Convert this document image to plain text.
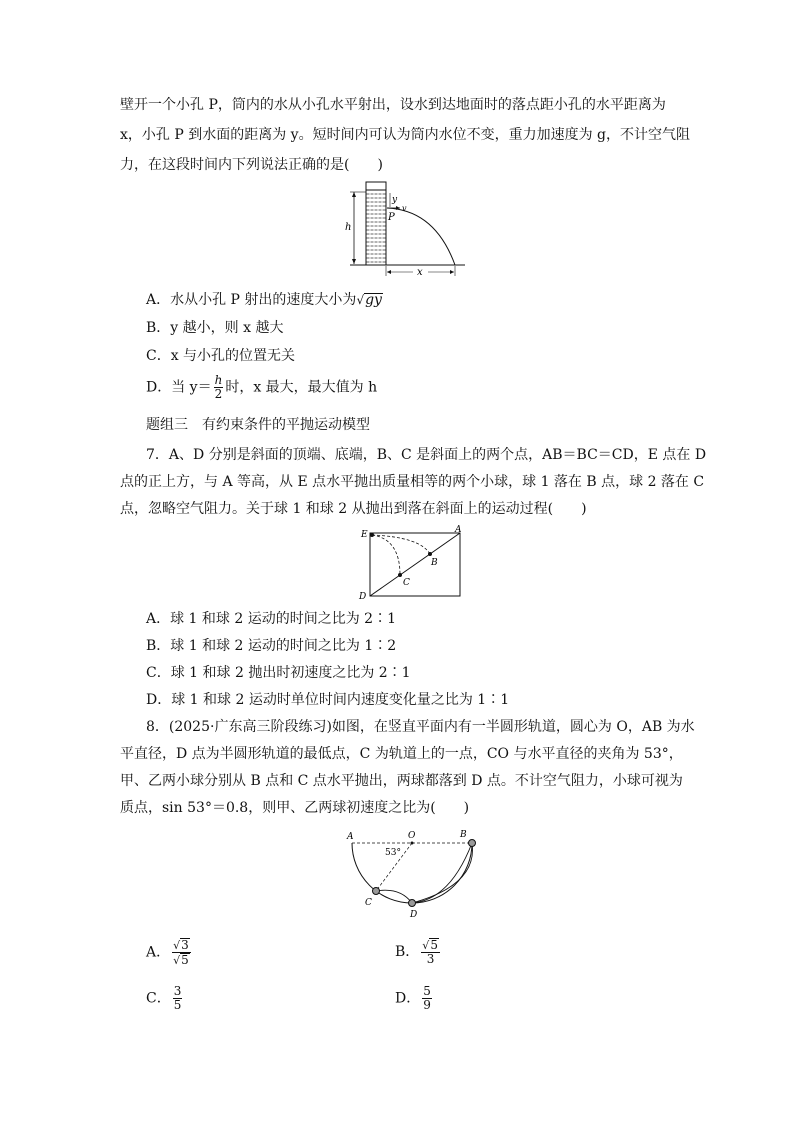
壁开一个小孔 P，筒内的水从小孔水平射出，设水到达地面时的落点距小孔的水平距离为
x，小孔 P 到水面的距离为 y。短时间内可认为筒内水位不变，重力加速度为 g，不计空气阻
力，在这段时间内下列说法正确的是(　　)
h
y
v
P
x
A．水从小孔 P 射出的速度大小为√gy
B．y 越小，则 x 越大
C．x 与小孔的位置无关
D．当 $y= \frac{h}{2}$ 时，x 最大，最大值为 h
题组三　有约束条件的平抛运动模型
7．A、D 分别是斜面的顶端、底端，B、C 是斜面上的两个点，AB＝BC＝CD，E 点在 D
点的正上方，与 A 等高，从 E 点水平抛出质量相等的两个小球，球 1 落在 B 点，球 2 落在 C
点，忽略空气阻力。关于球 1 和球 2 从抛出到落在斜面上的运动过程(　　)
E	A
B
C
D
A．球 1 和球 2 运动的时间之比为 2∶1
B．球 1 和球 2 运动的时间之比为 1∶2
C．球 1 和球 2 抛出时初速度之比为 2∶1
D．球 1 和球 2 运动时单位时间内速度变化量之比为 1∶1
8．(2025·广东高三阶段练习)如图，在竖直平面内有一半圆形轨道，圆心为 O，AB 为水
平直径，D 点为半圆形轨道的最低点，C 为轨道上的一点，CO 与水平直径的夹角为 53°，
甲、乙两小球分别从 B 点和 C 点水平抛出，两球都落到 D 点。不计空气阻力，小球可视为
质点，sin 53°＝0.8，则甲、乙两球初速度之比为(　　)
A	O	B
53°
C
D
A． $\frac{√3}{√5}$	B． $\frac{√5}{3}$
C． $\frac{3}{5}$	D． $\frac{5}{9}$
